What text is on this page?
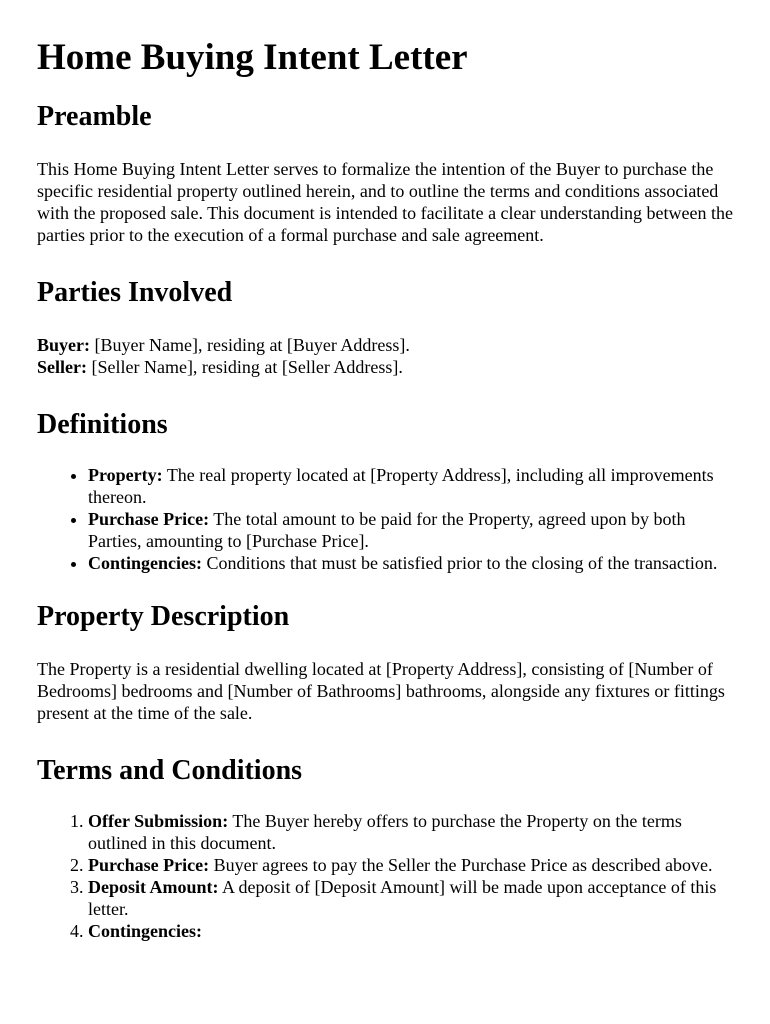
Home Buying Intent Letter
Preamble

This Home Buying Intent Letter serves to formalize the intention of the Buyer to purchase the specific residential property outlined herein, and to outline the terms and conditions associated with the proposed sale. This document is intended to facilitate a clear understanding between the parties prior to the execution of a formal purchase and sale agreement.

Parties Involved

Buyer: [Buyer Name], residing at [Buyer Address].
Seller: [Seller Name], residing at [Seller Address].

Definitions
• Property: The real property located at [Property Address], including all improvements thereon.
• Purchase Price: The total amount to be paid for the Property, agreed upon by both Parties, amounting to [Purchase Price].
• Contingencies: Conditions that must be satisfied prior to the closing of the transaction.
Property Description

The Property is a residential dwelling located at [Property Address], consisting of [Number of Bedrooms] bedrooms and [Number of Bathrooms] bathrooms, alongside any fixtures or fittings present at the time of the sale.

Terms and Conditions
1. Offer Submission: The Buyer hereby offers to purchase the Property on the terms outlined in this document.
2. Purchase Price: Buyer agrees to pay the Seller the Purchase Price as described above.
3. Deposit Amount: A deposit of [Deposit Amount] will be made upon acceptance of this letter.
4. Contingencies:
